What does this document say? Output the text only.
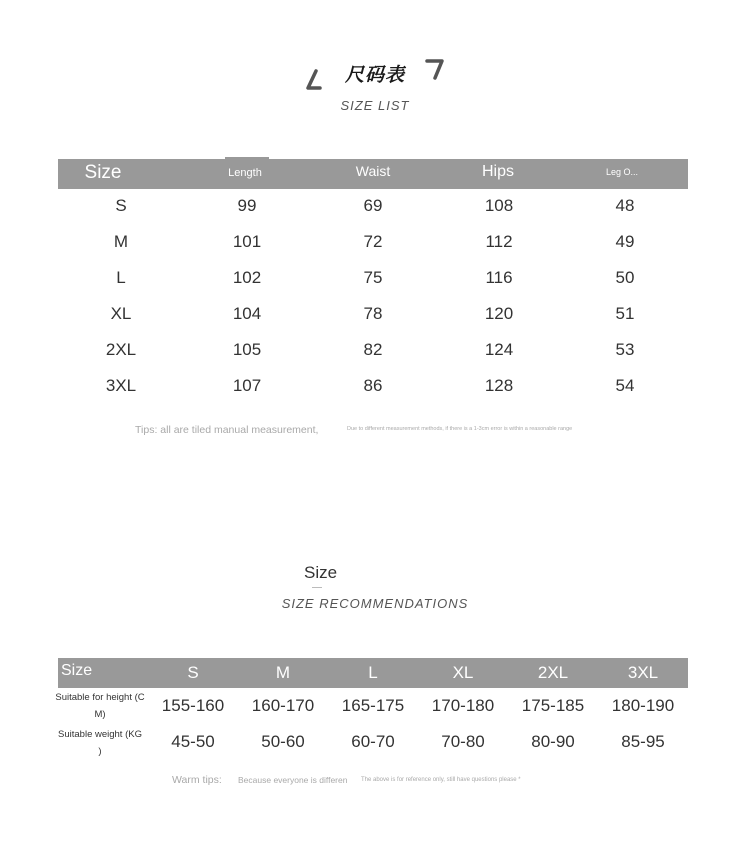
尺码表
SIZE LIST
Size	Length	Waist	Hips	Leg O...
S	99	69	108	48
M	101	72	112	49
L	102	75	116	50
XL	104	78	120	51
2XL	105	82	124	53
3XL	107	86	128	54
Tips: all are tiled manual measurement,	Due to different measurement methods, if there is a 1-3cm error is within a reasonable range
Size
SIZE RECOMMENDATIONS
Size	S	M	L	XL	2XL	3XL
Suitable for height (C
M)	155-160	160-170	165-175	170-180	175-185	180-190
Suitable weight (KG
)
45-50	50-60	60-70	70-80	80-90	85-95
Warm tips: Because everyone is differen The above is for reference only, still have questions please *
